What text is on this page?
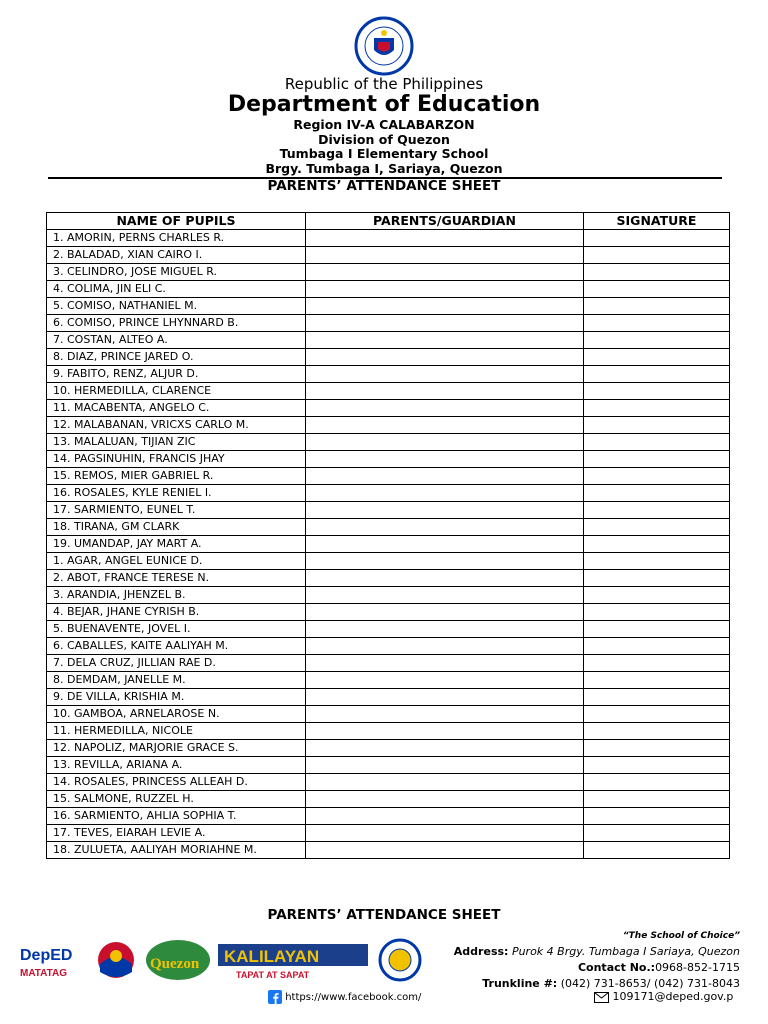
Republic of the Philippines
Department of Education
Region IV-A CALABARZON
Division of Quezon
Tumbaga I Elementary School
Brgy. Tumbaga I, Sariaya, Quezon
PARENTS’ ATTENDANCE SHEET
NAME OF PUPILS	PARENTS/GUARDIAN	SIGNATURE
1. AMORIN, PERNS CHARLES R.		
2. BALADAD, XIAN CAIRO I.		
3. CELINDRO, JOSE MIGUEL R.		
4. COLIMA, JIN ELI C.		
5. COMISO, NATHANIEL M.		
6. COMISO, PRINCE LHYNNARD B.		
7. COSTAN, ALTEO A.		
8. DIAZ, PRINCE JARED O.		
9. FABITO, RENZ, ALJUR D.		
10. HERMEDILLA, CLARENCE		
11. MACABENTA, ANGELO C.		
12. MALABANAN, VRICXS CARLO M.		
13. MALALUAN, TIJIAN ZIC		
14. PAGSINUHIN, FRANCIS JHAY		
15. REMOS, MIER GABRIEL R.		
16. ROSALES, KYLE RENIEL I.		
17. SARMIENTO, EUNEL T.		
18. TIRANA, GM CLARK		
19. UMANDAP, JAY MART A.		
1. AGAR, ANGEL EUNICE D.		
2. ABOT, FRANCE TERESE N.		
3. ARANDIA, JHENZEL B.		
4. BEJAR, JHANE CYRISH B.		
5. BUENAVENTE, JOVEL I.		
6. CABALLES, KAITE AALIYAH M.		
7. DELA CRUZ, JILLIAN RAE D.		
8. DEMDAM, JANELLE M.		
9. DE VILLA, KRISHIA M.		
10. GAMBOA, ARNELAROSE N.		
11. HERMEDILLA, NICOLE		
12. NAPOLIZ, MARJORIE GRACE S.		
13. REVILLA, ARIANA A.		
14. ROSALES, PRINCESS ALLEAH D.		
15. SALMONE, RUZZEL H.		
16. SARMIENTO, AHLIA SOPHIA T.		
17. TEVES, EIARAH LEVIE A.		
18. ZULUETA, AALIYAH MORIAHNE M.		
PARENTS’ ATTENDANCE SHEET
DepED
MATATAG
Quezon KALILAYAN
TAPAT AT SAPAT
“The School of Choice”
Address: Purok 4 Brgy. Tumbaga I Sariaya, Quezon
Contact No.:0968-852-1715
Trunkline #: (042) 731-8653/ (042) 731-8043
https://www.facebook.com/	109171@deped.gov.p
